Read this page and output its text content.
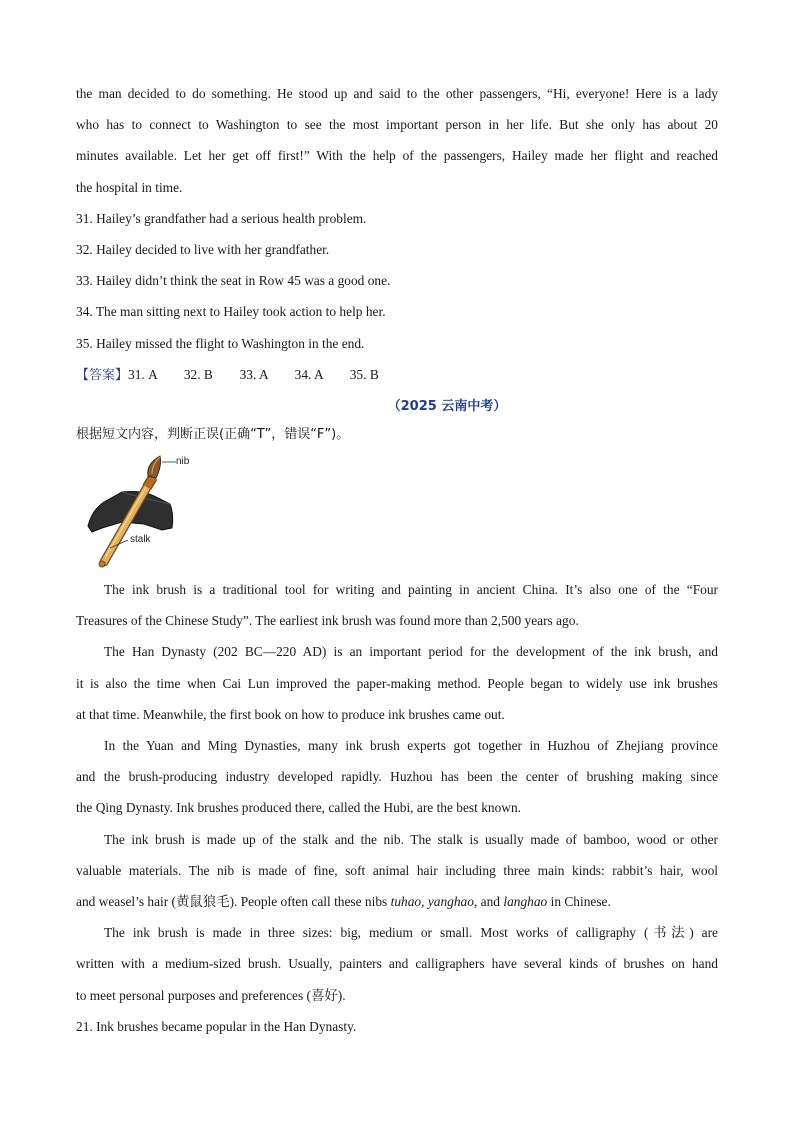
the man decided to do something. He stood up and said to the other passengers, “Hi, everyone! Here is a lady

who has to connect to Washington to see the most important person in her life. But she only has about 20

minutes available. Let her get off first!” With the help of the passengers, Hailey made her flight and reached

the hospital in time.

31. Hailey’s grandfather had a serious health problem.

32. Hailey decided to live with her grandfather.

33. Hailey didn’t think the seat in Row 45 was a good one.

34. The man sitting next to Hailey took action to help her.

35. Hailey missed the flight to Washington in the end.

【答案】31. A        32. B        33. A        34. A        35. B

（2025 云南中考）

根据短文内容，判断正误(正确“T”，错误“F”)。

nib
stalk

The ink brush is a traditional tool for writing and painting in ancient China. It’s also one of the “Four

Treasures of the Chinese Study”. The earliest ink brush was found more than 2,500 years ago.

The Han Dynasty (202 BC—220 AD) is an important period for the development of the ink brush, and

it is also the time when Cai Lun improved the paper-making method. People began to widely use ink brushes

at that time. Meanwhile, the first book on how to produce ink brushes came out.

In the Yuan and Ming Dynasties, many ink brush experts got together in Huzhou of Zhejiang province

and the brush-producing industry developed rapidly. Huzhou has been the center of brushing making since

the Qing Dynasty. Ink brushes produced there, called the Hubi, are the best known.

The ink brush is made up of the stalk and the nib. The stalk is usually made of bamboo, wood or other

valuable materials. The nib is made of fine, soft animal hair including three main kinds: rabbit’s hair, wool

and weasel’s hair (黄鼠狼毛). People often call these nibs tuhao, yanghao, and langhao in Chinese.

The ink brush is made in three sizes: big, medium or small. Most works of calligraphy (书法) are

written with a medium-sized brush. Usually, painters and calligraphers have several kinds of brushes on hand

to meet personal purposes and preferences (喜好).

21. Ink brushes became popular in the Han Dynasty.
